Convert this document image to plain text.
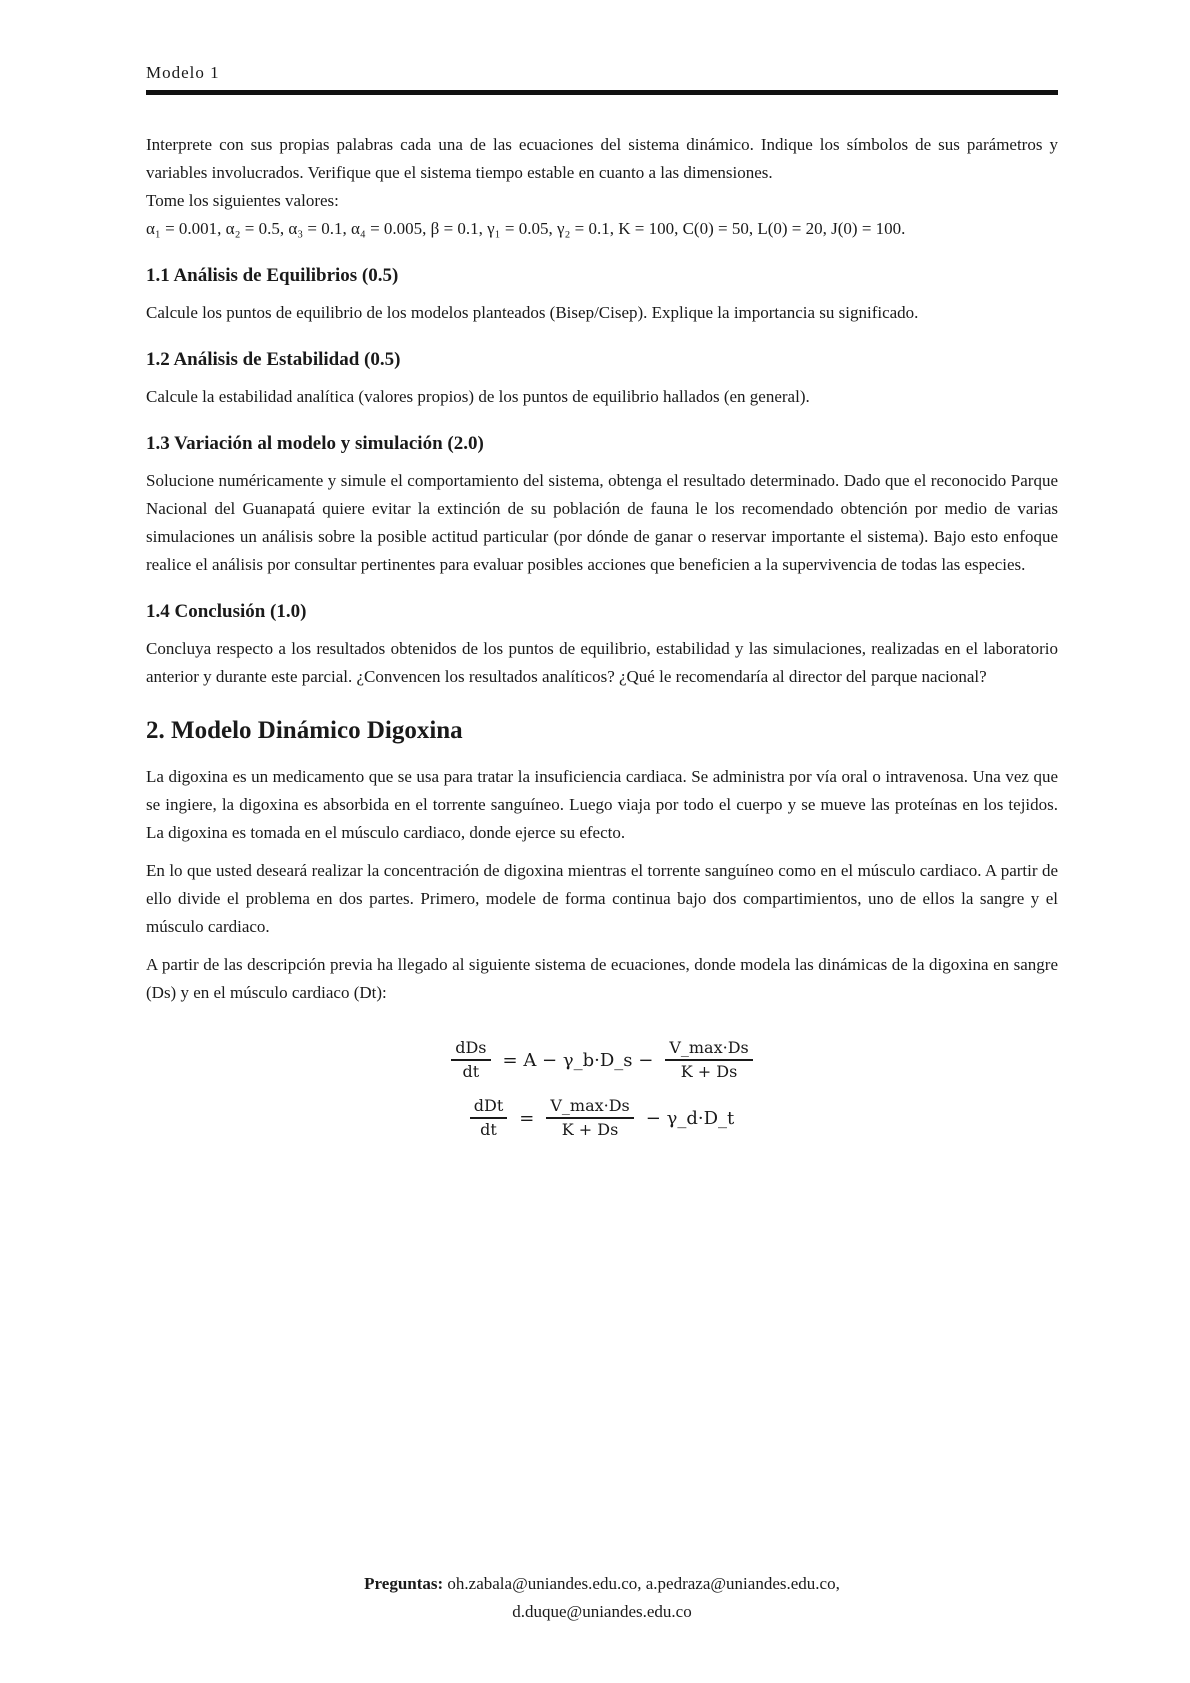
Modelo 1

Interprete con sus propias palabras cada una de las ecuaciones del sistema dinámico. Indique los símbolos de sus parámetros y variables involucrados. Verifique que el sistema tiempo estable en cuanto a las dimensiones.

Tome los siguientes valores:

α₁ = 0.001, α₂ = 0.5, α₃ = 0.1, α₄ = 0.005, β = 0.1, γ₁ = 0.05, γ₂ = 0.1, K = 100, C(0) = 50, L(0) = 20, J(0) = 100.

1.1 Análisis de Equilibrios (0.5)

Calcule los puntos de equilibrio de los modelos planteados (Bisep/Cisep). Explique la importancia su significado.

1.2 Análisis de Estabilidad (0.5)

Calcule la estabilidad analítica (valores propios) de los puntos de equilibrio hallados (en general).

1.3 Variación al modelo y simulación (2.0)

Solucione numéricamente y simule el comportamiento del sistema, obtenga el resultado determinado. Dado que el reconocido Parque Nacional del Guanapatá quiere evitar la extinción de su población de fauna le los recomendado obtención por medio de varias simulaciones un análisis sobre la posible actitud particular (por dónde de ganar o reservar importante el sistema). Bajo esto enfoque realice el análisis por consultar pertinentes para evaluar posibles acciones que beneficien a la supervivencia de todas las especies.

1.4 Conclusión (1.0)

Concluya respecto a los resultados obtenidos de los puntos de equilibrio, estabilidad y las simulaciones, realizadas en el laboratorio anterior y durante este parcial. ¿Convencen los resultados analíticos? ¿Qué le recomendaría al director del parque nacional?

2. Modelo Dinámico Digoxina

La digoxina es un medicamento que se usa para tratar la insuficiencia cardiaca. Se administra por vía oral o intravenosa. Una vez que se ingiere, la digoxina es absorbida en el torrente sanguíneo. Luego viaja por todo el cuerpo y se mueve las proteínas en los tejidos. La digoxina es tomada en el músculo cardiaco, donde ejerce su efecto.

En lo que usted deseará realizar la concentración de digoxina mientras el torrente sanguíneo como en el músculo cardiaco. A partir de ello divide el problema en dos partes. Primero, modele de forma continua bajo dos compartimientos, uno de ellos la sangre y el músculo cardiaco.

A partir de las descripción previa ha llegado al siguiente sistema de ecuaciones, donde modela las dinámicas de la digoxina en sangre (Ds) y en el músculo cardiaco (Dt):

$\frac{\text{dDs}}{dt} = A$ − γ_b·D_s − $\frac{V\_\max\cdot Ds}{K + Ds}$
$\frac{\text{dDt}}{dt} = \frac{V\_\max\cdot Ds}{K + Ds}$ − γ_d·D_t
Preguntas: oh.zabala@uniandes.edu.co, a.pedraza@uniandes.edu.co,
d.duque@uniandes.edu.co
